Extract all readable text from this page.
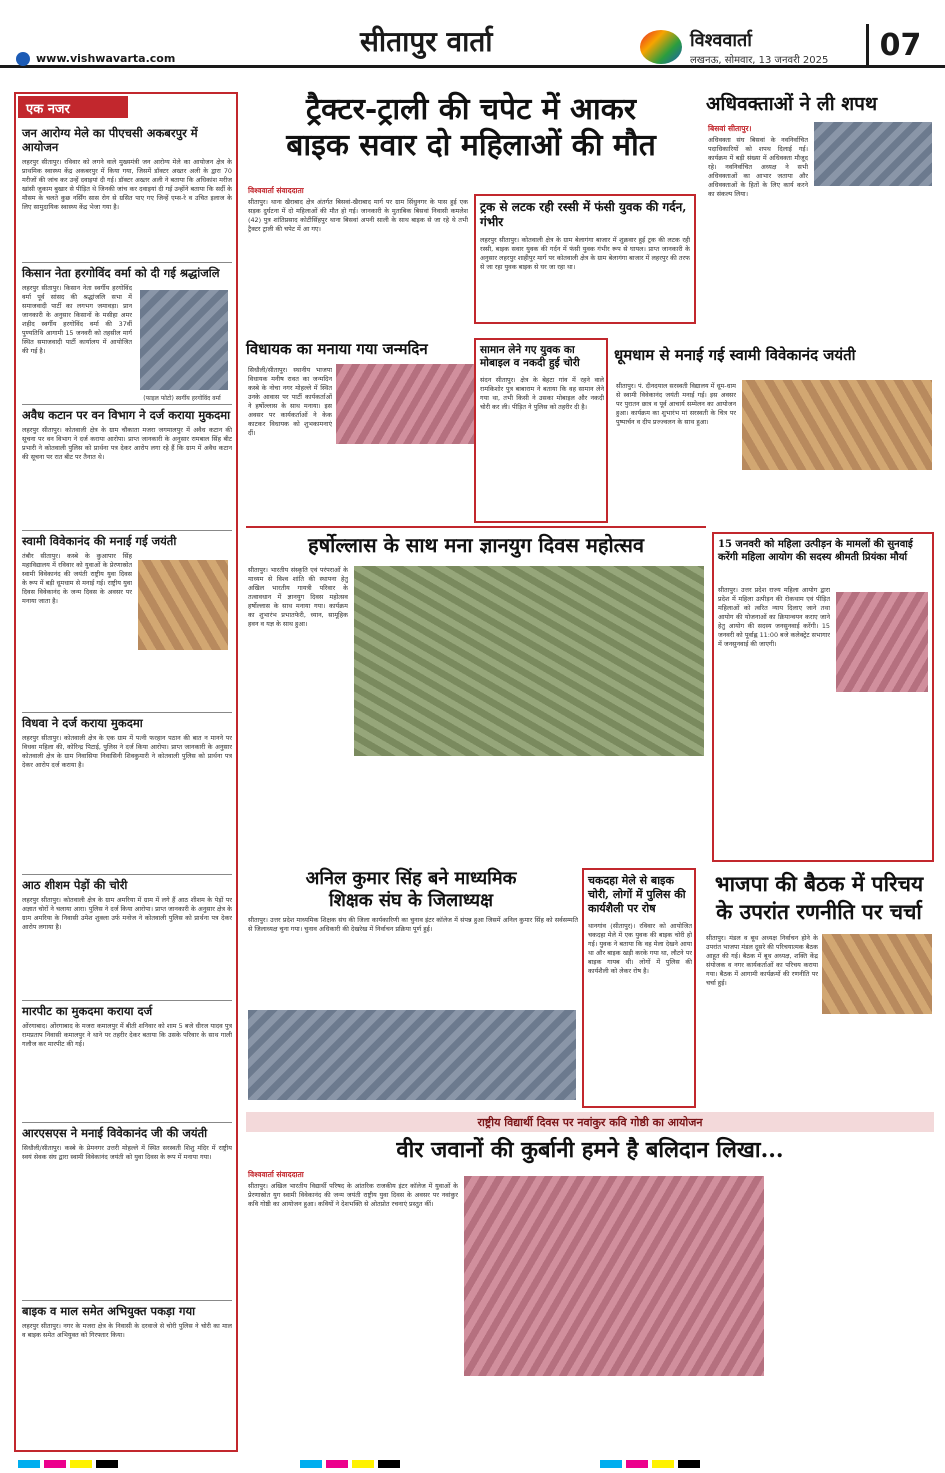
www.vishwavarta.com
सीतापुर वार्ता	विश्ववार्ता
लखनऊ, सोमवार, 13 जनवरी 2025	07
एक नजर
जन आरोग्य मेले का पीएचसी अकबरपुर में आयोजन
लहरपुर सीतापुर। रविवार को लगने वाले मुख्यमंत्री जन आरोग्य मेले का आयोजन क्षेत्र के प्राथमिक स्वास्थ्य केंद्र अकबरपुर में किया गया, जिसमें डॉक्टर अख्तर अली के द्वारा 70 मरीजों की जांच कर उन्हें दवाइयां दी गई। डॉक्टर अख्तर अली ने बताया कि अधिकांश मरीज खांसी जुकाम बुखार से पीड़ित थे जिनकी जांच कर दवाइयां दी गई उन्होंने बताया कि सर्दी के मौसम के चलते कुछ नर्सिंग सास रोग से ग्रसित पाए गए जिन्हें एम्स-रे व उचित इलाज के लिए सामुदायिक स्वास्थ्य केंद्र भेजा गया है।
किसान नेता हरगोविंद वर्मा को दी गई श्रद्धांजलि
लहरपुर सीतापुर। किसान नेता स्वर्गीय हरगोविंद वर्मा पूर्व सांसद की श्रद्धांजलि सभा में समाजवादी पार्टी का लगभग जमावड़ा। प्रान जानकारी के अनुसार किसानों के मसीहा अमर शहीद स्वर्गीय हरगोविंद वर्मा की 37वीं पुण्यतिथि आगामी 15 जनवरी को तहसील मार्ग स्थित समाजवादी पार्टी कार्यालय में आयोजित की गई है।
(फाइल फोटो) स्वर्गीय हरगोविंद वर्मा
अवैध कटान पर वन विभाग ने दर्ज कराया मुकदमा
लहरपुर सीतापुर। कोतवाली क्षेत्र के ग्राम चौकाता मजरा जगमालपुर में अवैध कटान की सूचना पर वन विभाग ने दर्ज कराया आरोपा। प्राप्त जानकारी के अनुसार रामबाल सिंह बीट प्रभारी ने कोतवाली पुलिस को प्रार्थना पत्र देकर आरोप लगा रहे हैं कि ग्राम में अवैध कटान की सूचना पर रात बीट पर तैनात थे।
स्वामी विवेकानंद की मनाई गई जयंती
तंबौर सीतापुर। कस्बे के कुआपार सिंह महाविद्यालय में रविवार को युवाओं के प्रेरणास्रोत स्वामी विवेकानंद की जयंती राष्ट्रीय युवा दिवस के रूप में बड़ी धूमधाम से मनाई गई। राष्ट्रीय युवा दिवस विवेकानंद के जन्म दिवस के अवसर पर मनाया जाता है।
विधवा ने दर्ज कराया मुकदमा
लहरपुर सीतापुर। कोतवाली क्षेत्र के एक ग्राम में पत्नी फरहान पठान की बात न मानने पर विधवा महिला की, कोरिन्द्र पिटाई, पुलिस ने दर्ज किया आरोपा। प्राप्त जानकारी के अनुसार कोतवाली क्षेत्र के ग्राम निवासिया निवासिनी शिवकुमारी ने कोतवाली पुलिस को प्रार्थना पत्र देकर आरोप दर्ज कराया है।
आठ शीशम पेड़ों की चोरी
लहरपुर सीतापुर। कोतवाली क्षेत्र के ग्राम अमरिया में ग्राम में लगे हैं आठ शीशम के पेड़ों पर अज्ञात चोरों ने चलाया आरा। पुलिस ने दर्ज किया आरोपा। प्राप्त जानकारी के अनुसार क्षेत्र के ग्राम अमरिया के निवासी उमेश शुक्ला उर्फ मनोज ने कोतवाली पुलिस को प्रार्थना पत्र देकर आरोप लगाया है।
मारपीट का मुकदमा कराया दर्ज
ओंरगाबाद। ओंरगाबाद के मजरा कमालपुर में बीती शनिवार को शाम 5 बजे धीरज यादव पुत्र रामप्रताप निवासी कमालपुर ने थाने पर तहरीर देकर बताया कि उसके परिवार के साथ गाली गलौज कर मारपीट की गई।
आरएसएस ने मनाई विवेकानंद जी की जयंती
सिधौली/सीतापुर। कस्बे के प्रेमनगर उत्तरी मोहल्ले में स्थित सरस्वती शिशु मंदिर में राष्ट्रीय स्वयं सेवक संघ द्वारा स्वामी विवेकानंद जयंती को युवा दिवस के रूप में मनाया गया।
बाइक व माल समेत अभियुक्त पकड़ा गया
लहरपुर सीतापुर। नगर के मजरा क्षेत्र के निवासी के दरवाजे से चोरी पुलिस ने चोरी का माल व बाइक समेत अभियुक्त को गिरफ्तार किया।
ट्रैक्टर-ट्राली की चपेट में आकर
बाइक सवार दो महिलाओं की मौत
विश्ववार्ता संवाददाता
सीतापुर। थाना खैराबाद क्षेत्र अंतर्गत बिसवां-खैराबाद मार्ग पर ग्राम सिंधुनगर के पास हुई एक सड़क दुर्घटना में दो महिलाओं की मौत हो गई। जानकारी के मुताबिक बिसवां निवासी कमलेश (42) पुत्र शांतिप्रसाद कोटीसिंहपुर थाना बिसवां अपनी साली के साथ बाइक से जा रहे थे तभी ट्रैक्टर ट्राली की चपेट में आ गए।
ट्रक से लटक रही रस्सी में फंसी युवक की गर्दन, गंभीर
लहरपुर सीतापुर। कोतवाली क्षेत्र के ग्राम बेलागंगा बाजार में शुक्रवार हुई ट्रक की लटक रही रस्सी, बाइक सवार युवक की गर्दन में फंसी युवक गंभीर रूप से घायल। प्राप्त जानकारी के अनुसार लहरपुर शाहीपुर मार्ग पर कोतवाली क्षेत्र के ग्राम बेलागंगा बाजार में लहरपुर की तरफ से जा रहा युवक बाइक से घर जा रहा था।
अधिवक्ताओं ने ली शपथ
बिसवां सीतापुर।
अधिवक्ता संघ बिसवां के नवनिर्वाचित पदाधिकारियों को शपथ दिलाई गई। कार्यक्रम में बड़ी संख्या में अधिवक्ता मौजूद रहे। नवनिर्वाचित अध्यक्ष ने सभी अधिवक्ताओं का आभार जताया और अधिवक्ताओं के हितों के लिए कार्य करने का संकल्प लिया।
विधायक का मनाया गया जन्मदिन
सिधौली/सीतापुर। स्थानीय भाजपा विधायक मनीष रावत का जन्मदिन कस्बे के नोचा नगर मोहल्ले में स्थित उनके आवास पर पार्टी कार्यकर्ताओं ने हर्षोल्लास के साथ मनाया। इस अवसर पर कार्यकर्ताओं ने केक काटकर विधायक को शुभकामनाएं दीं।
सामान लेने गए युवक का मोबाइल व नकदी हुई चोरी
संदन सीतापुर। क्षेत्र के बेहटा गांव में रहने वाले रामकिशोर पुत्र बाबाराम ने बताया कि वह सामान लेने गया था, तभी किसी ने उसका मोबाइल और नकदी चोरी कर ली। पीड़ित ने पुलिस को तहरीर दी है।
धूमधाम से मनाई गई स्वामी विवेकानंद जयंती
सीतापुर। पं. दीनदयाल सरस्वती विद्यालय में धूम-धाम से स्वामी विवेकानंद जयंती मनाई गई। इस अवसर पर पुरातन छात्र व पूर्व आचार्य सम्मेलन का आयोजन हुआ। कार्यक्रम का शुभारंभ मां सरस्वती के चित्र पर पुष्पार्चन व दीप प्रज्ज्वलन के साथ हुआ।
हर्षोल्लास के साथ मना ज्ञानयुग दिवस महोत्सव
सीतापुर। भारतीय संस्कृति एवं परंपराओं के माध्यम से विश्व शांति की स्थापना हेतु अखिल भारतीय गायत्री परिवार के तत्वावधान में ज्ञानयुग दिवस महोत्सव हर्षोल्लास के साथ मनाया गया। कार्यक्रम का शुभारंभ प्रभातफेरी, ध्यान, सामूहिक हवन व यज्ञ के साथ हुआ।
15 जनवरी को महिला उत्पीड़न के मामलों की सुनवाई करेंगी महिला आयोग की सदस्य श्रीमती प्रियंका मौर्या
सीतापुर। उत्तर प्रदेश राज्य महिला आयोग द्वारा प्रदेश में महिला उत्पीड़न की रोकथाम एवं पीड़ित महिलाओं को त्वरित न्याय दिलाए जाने तथा आयोग की योजनाओं का क्रियान्वयन कराए जाने हेतु आयोग की सदस्य जनसुनवाई करेंगी। 15 जनवरी को पूर्वाह्न 11:00 बजे कलेक्ट्रेट सभागार में जनसुनवाई की जाएगी।
अनिल कुमार सिंह बने माध्यमिक
शिक्षक संघ के जिलाध्यक्ष
सीतापुर। उत्तर प्रदेश माध्यमिक शिक्षक संघ की जिला कार्यकारिणी का चुनाव इंटर कॉलेज में संपन्न हुआ जिसमें अनिल कुमार सिंह को सर्वसम्मति से जिलाध्यक्ष चुना गया। चुनाव अधिकारी की देखरेख में निर्वाचन प्रक्रिया पूर्ण हुई।
चकदहा मेले से बाइक चोरी, लोगों में पुलिस की कार्यशैली पर रोष
थानगांव (सीतापुर)। रविवार को आयोजित चकदहा मेले में एक युवक की बाइक चोरी हो गई। युवक ने बताया कि वह मेला देखने आया था और बाइक खड़ी करके गया था, लौटने पर बाइक गायब थी। लोगों में पुलिस की कार्यशैली को लेकर रोष है।
भाजपा की बैठक में परिचय
के उपरांत रणनीति पर चर्चा
सीतापुर। मंडल व बूथ अध्यक्ष निर्वाचन होने के उपरांत भाजपा मंडल दूसरे की परिचयात्मक बैठक आहूत की गई। बैठक में बूथ अध्यक्ष, शक्ति केंद्र संयोजक व नगर कार्यकर्ताओं का परिचय कराया गया। बैठक में आगामी कार्यक्रमों की रणनीति पर चर्चा हुई।
राष्ट्रीय विद्यार्थी दिवस पर नवांकुर कवि गोष्ठी का आयोजन
वीर जवानों की कुर्बानी हमने है बलिदान लिखा...
विश्ववार्ता संवाददाता
सीतापुर। अखिल भारतीय विद्यार्थी परिषद के आंतरिक राजकीय इंटर कॉलेज में युवाओं के प्रेरणास्रोत युग स्वामी विवेकानंद की जन्म जयंती राष्ट्रीय युवा दिवस के अवसर पर नवांकुर कवि गोष्ठी का आयोजन हुआ। कवियों ने देशभक्ति से ओतप्रोत रचनाएं प्रस्तुत कीं।
